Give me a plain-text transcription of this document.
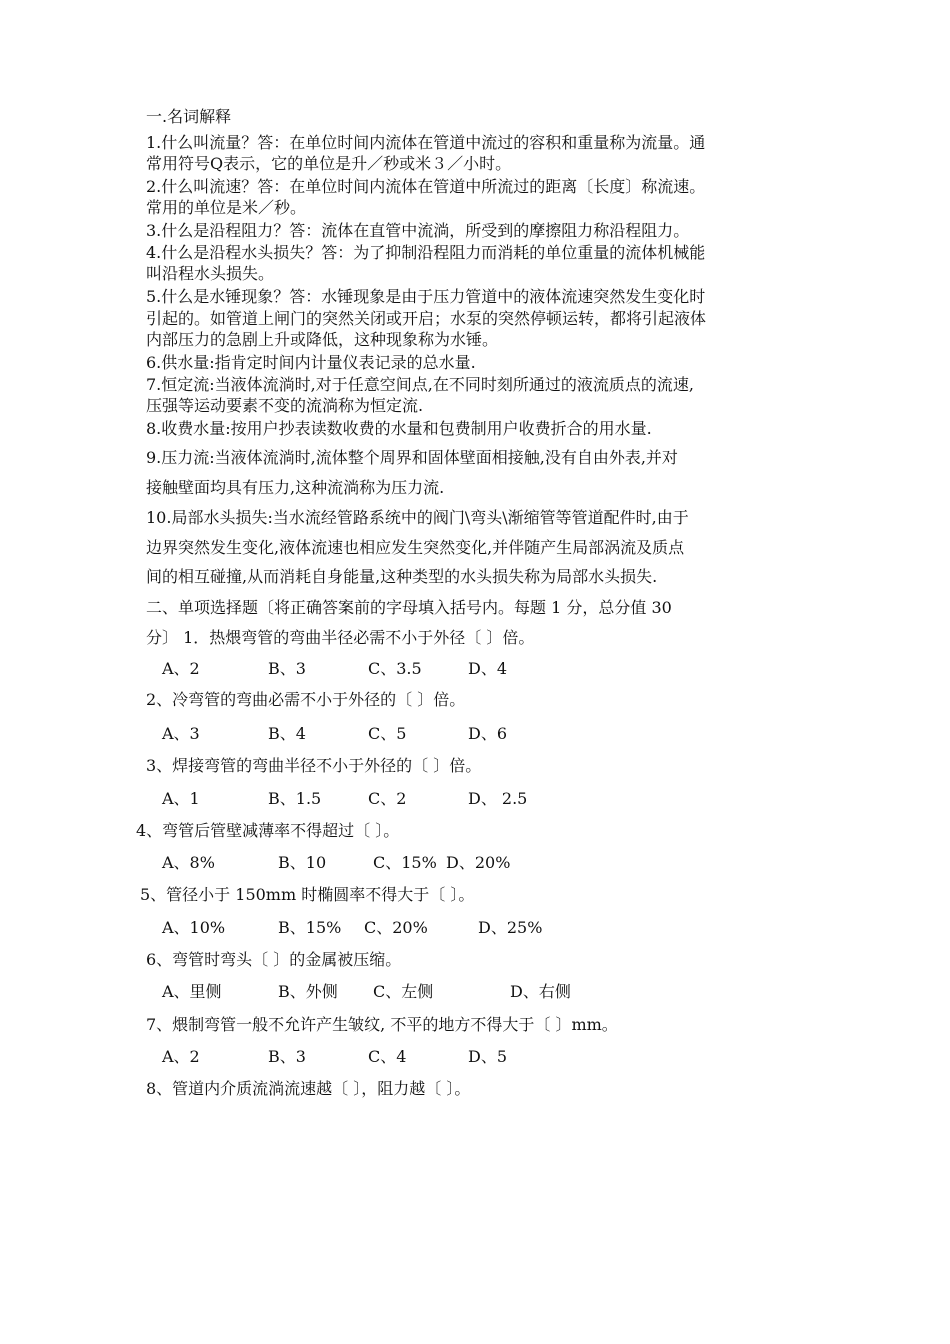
一.名词解释
1.什么叫流量？答：在单位时间内流体在管道中流过的容积和重量称为流量。通
常用符号Q表示，它的单位是升／秒或米３／小时。
2.什么叫流速？答：在单位时间内流体在管道中所流过的距离〔长度〕称流速。
常用的单位是米／秒。
3.什么是沿程阻力？答：流体在直管中流淌，所受到的摩擦阻力称沿程阻力。
4.什么是沿程水头损失？答：为了抑制沿程阻力而消耗的单位重量的流体机械能
叫沿程水头损失。
5.什么是水锤现象？答：水锤现象是由于压力管道中的液体流速突然发生变化时
引起的。如管道上闸门的突然关闭或开启；水泵的突然停顿运转，都将引起液体
内部压力的急剧上升或降低，这种现象称为水锤。
6.供水量:指肯定时间内计量仪表记录的总水量.
7.恒定流:当液体流淌时,对于任意空间点,在不同时刻所通过的液流质点的流速,
压强等运动要素不变的流淌称为恒定流.
8.收费水量:按用户抄表读数收费的水量和包费制用户收费折合的用水量.
9.压力流:当液体流淌时,流体整个周界和固体壁面相接触,没有自由外表,并对
接触壁面均具有压力,这种流淌称为压力流.
10.局部水头损失:当水流经管路系统中的阀门\弯头\渐缩管等管道配件时,由于
边界突然发生变化,液体流速也相应发生突然变化,并伴随产生局部涡流及质点
间的相互碰撞,从而消耗自身能量,这种类型的水头损失称为局部水头损失.
二、单项选择题〔将正确答案前的字母填入括号内。每题 1 分，总分值 30
分〕 1．热煨弯管的弯曲半径必需不小于外径〔 〕倍。
A、2	B、3	C、3.5	D、4
2、冷弯管的弯曲必需不小于外径的〔 〕倍。
A、3	B、4	C、5	D、6
3、焊接弯管的弯曲半径不小于外径的〔 〕倍。
A、1	B、1.5	C、2	D、 2.5
4、弯管后管壁减薄率不得超过〔 〕。
A、8%	B、10	C、15% D、20%
5、管径小于 150mm 时椭圆率不得大于〔 〕。
A、10%	B、15% C、20%	D、25%
6、弯管时弯头〔 〕的金属被压缩。
A、里侧	B、外侧 C、左侧	D、右侧
7、煨制弯管一般不允许产生皱纹, 不平的地方不得大于〔 〕mm。
A、2	B、3	C、4	D、5
8、管道内介质流淌流速越〔 〕，阻力越〔 〕。
